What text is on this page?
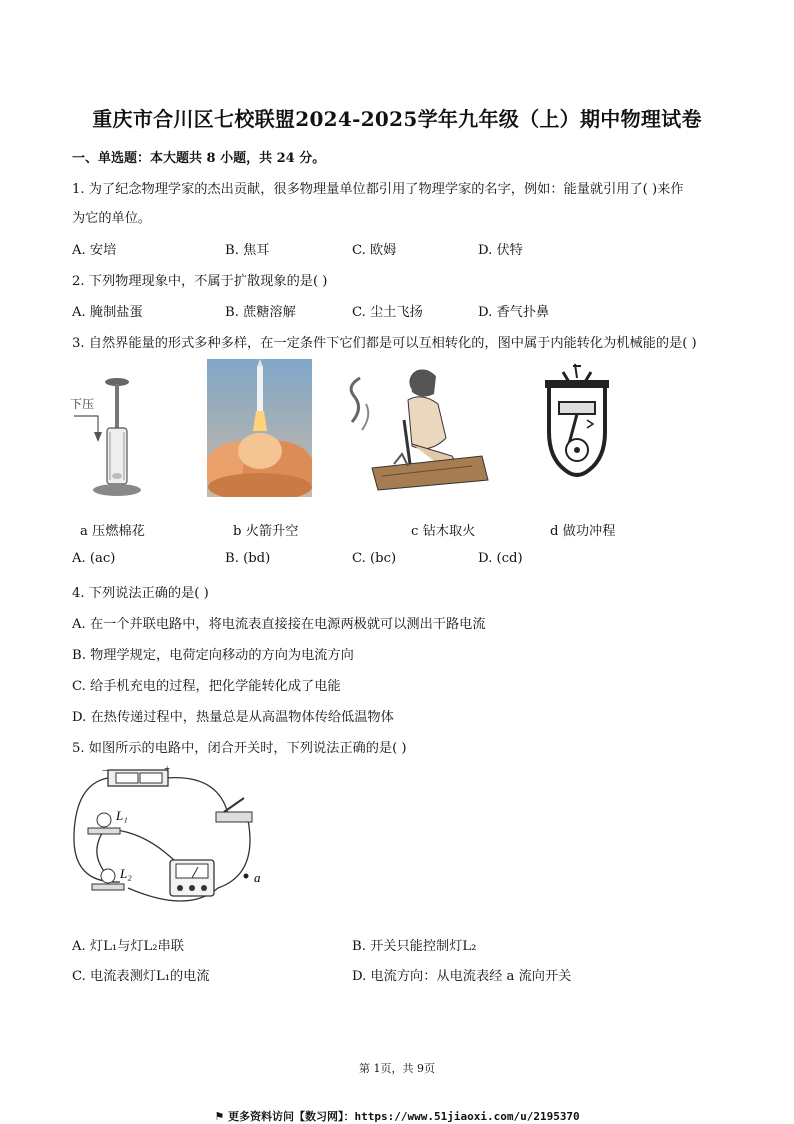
重庆市合川区七校联盟2024-2025学年九年级（上）期中物理试卷
一、单选题：本大题共 8 小题，共 24 分。
1. 为了纪念物理学家的杰出贡献，很多物理量单位都引用了物理学家的名字，例如：能量就引用了( )来作
为它的单位。
A. 安培	B. 焦耳	C. 欧姆	D. 伏特
2. 下列物理现象中，不属于扩散现象的是( )
A. 腌制盐蛋	B. 蔗糖溶解	C. 尘土飞扬	D. 香气扑鼻
3. 自然界能量的形式多种多样，在一定条件下它们都是可以互相转化的，图中属于内能转化为机械能的是( )
下压
a 压燃棉花	b 火箭升空	c 钻木取火	d 做功冲程
A. (ac)	B. (bd)	C. (bc)	D. (cd)
4. 下列说法正确的是( )
A. 在一个并联电路中，将电流表直接接在电源两极就可以测出干路电流
B. 物理学规定，电荷定向移动的方向为电流方向
C. 给手机充电的过程，把化学能转化成了电能
D. 在热传递过程中，热量总是从高温物体传给低温物体
5. 如图所示的电路中，闭合开关时，下列说法正确的是( )
−	+
L₁
L₂	a
A. 灯L₁与灯L₂串联	B. 开关只能控制灯L₂
C. 电流表测灯L₁的电流	D. 电流方向：从电流表经 a 流向开关
第 1页，共 9页
⚑ 更多资料访问【数习网】：https://www.51jiaoxi.com/u/2195370
